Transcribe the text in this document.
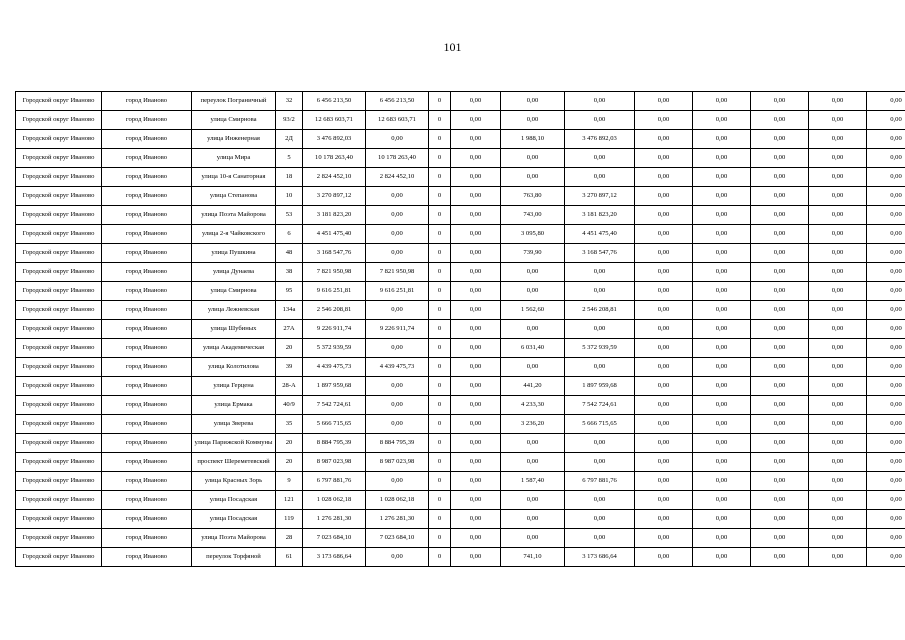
101
Городской округ Иваново	город Иваново	переулок Пограничный	32	6 456 213,50	6 456 213,50	0	0,00	0,00	0,00	0,00	0,00	0,00	0,00	0,00
Городской округ Иваново	город Иваново	улица Смирнова	93/2	12 683 603,71	12 683 603,71	0	0,00	0,00	0,00	0,00	0,00	0,00	0,00	0,00
Городской округ Иваново	город Иваново	улица Инженерная	2Д	3 476 892,03	0,00	0	0,00	1 988,10	3 476 892,03	0,00	0,00	0,00	0,00	0,00
Городской округ Иваново	город Иваново	улица Мира	5	10 178 263,40	10 178 263,40	0	0,00	0,00	0,00	0,00	0,00	0,00	0,00	0,00
Городской округ Иваново	город Иваново	улица 10-я Санаторная	18	2 824 452,10	2 824 452,10	0	0,00	0,00	0,00	0,00	0,00	0,00	0,00	0,00
Городской округ Иваново	город Иваново	улица Степанова	10	3 270 897,12	0,00	0	0,00	763,80	3 270 897,12	0,00	0,00	0,00	0,00	0,00
Городской округ Иваново	город Иваново	улица Поэта Майорова	53	3 181 823,20	0,00	0	0,00	743,00	3 181 823,20	0,00	0,00	0,00	0,00	0,00
Городской округ Иваново	город Иваново	улица 2-я Чайковского	6	4 451 475,40	0,00	0	0,00	3 095,80	4 451 475,40	0,00	0,00	0,00	0,00	0,00
Городской округ Иваново	город Иваново	улица Пушкина	48	3 168 547,76	0,00	0	0,00	739,90	3 168 547,76	0,00	0,00	0,00	0,00	0,00
Городской округ Иваново	город Иваново	улица Дунаева	38	7 821 950,98	7 821 950,98	0	0,00	0,00	0,00	0,00	0,00	0,00	0,00	0,00
Городской округ Иваново	город Иваново	улица Смирнова	95	9 616 251,81	9 616 251,81	0	0,00	0,00	0,00	0,00	0,00	0,00	0,00	0,00
Городской округ Иваново	город Иваново	улица Лежневская	134а	2 546 208,81	0,00	0	0,00	1 562,60	2 546 208,81	0,00	0,00	0,00	0,00	0,00
Городской округ Иваново	город Иваново	улица Шубиных	27А	9 226 911,74	9 226 911,74	0	0,00	0,00	0,00	0,00	0,00	0,00	0,00	0,00
Городской округ Иваново	город Иваново	улица Академическая	20	5 372 939,59	0,00	0	0,00	6 031,40	5 372 939,59	0,00	0,00	0,00	0,00	0,00
Городской округ Иваново	город Иваново	улица Колотилова	39	4 439 475,73	4 439 475,73	0	0,00	0,00	0,00	0,00	0,00	0,00	0,00	0,00
Городской округ Иваново	город Иваново	улица Герцена	28-А	1 897 959,68	0,00	0	0,00	441,20	1 897 959,68	0,00	0,00	0,00	0,00	0,00
Городской округ Иваново	город Иваново	улица Ермака	40/9	7 542 724,61	0,00	0	0,00	4 233,30	7 542 724,61	0,00	0,00	0,00	0,00	0,00
Городской округ Иваново	город Иваново	улица Зверева	35	5 666 715,65	0,00	0	0,00	3 236,20	5 666 715,65	0,00	0,00	0,00	0,00	0,00
Городской округ Иваново	город Иваново	улица Парижской Коммуны	20	8 884 795,39	8 884 795,39	0	0,00	0,00	0,00	0,00	0,00	0,00	0,00	0,00
Городской округ Иваново	город Иваново	проспект Шереметевский	20	8 987 023,98	8 987 023,98	0	0,00	0,00	0,00	0,00	0,00	0,00	0,00	0,00
Городской округ Иваново	город Иваново	улица Красных Зорь	9	6 797 881,76	0,00	0	0,00	1 587,40	6 797 881,76	0,00	0,00	0,00	0,00	0,00
Городской округ Иваново	город Иваново	улица Посадская	121	1 028 062,18	1 028 062,18	0	0,00	0,00	0,00	0,00	0,00	0,00	0,00	0,00
Городской округ Иваново	город Иваново	улица Посадская	119	1 276 281,30	1 276 281,30	0	0,00	0,00	0,00	0,00	0,00	0,00	0,00	0,00
Городской округ Иваново	город Иваново	улица Поэта Майорова	28	7 023 684,10	7 023 684,10	0	0,00	0,00	0,00	0,00	0,00	0,00	0,00	0,00
Городской округ Иваново	город Иваново	переулок Торфяной	61	3 173 686,64	0,00	0	0,00	741,10	3 173 686,64	0,00	0,00	0,00	0,00	0,00
